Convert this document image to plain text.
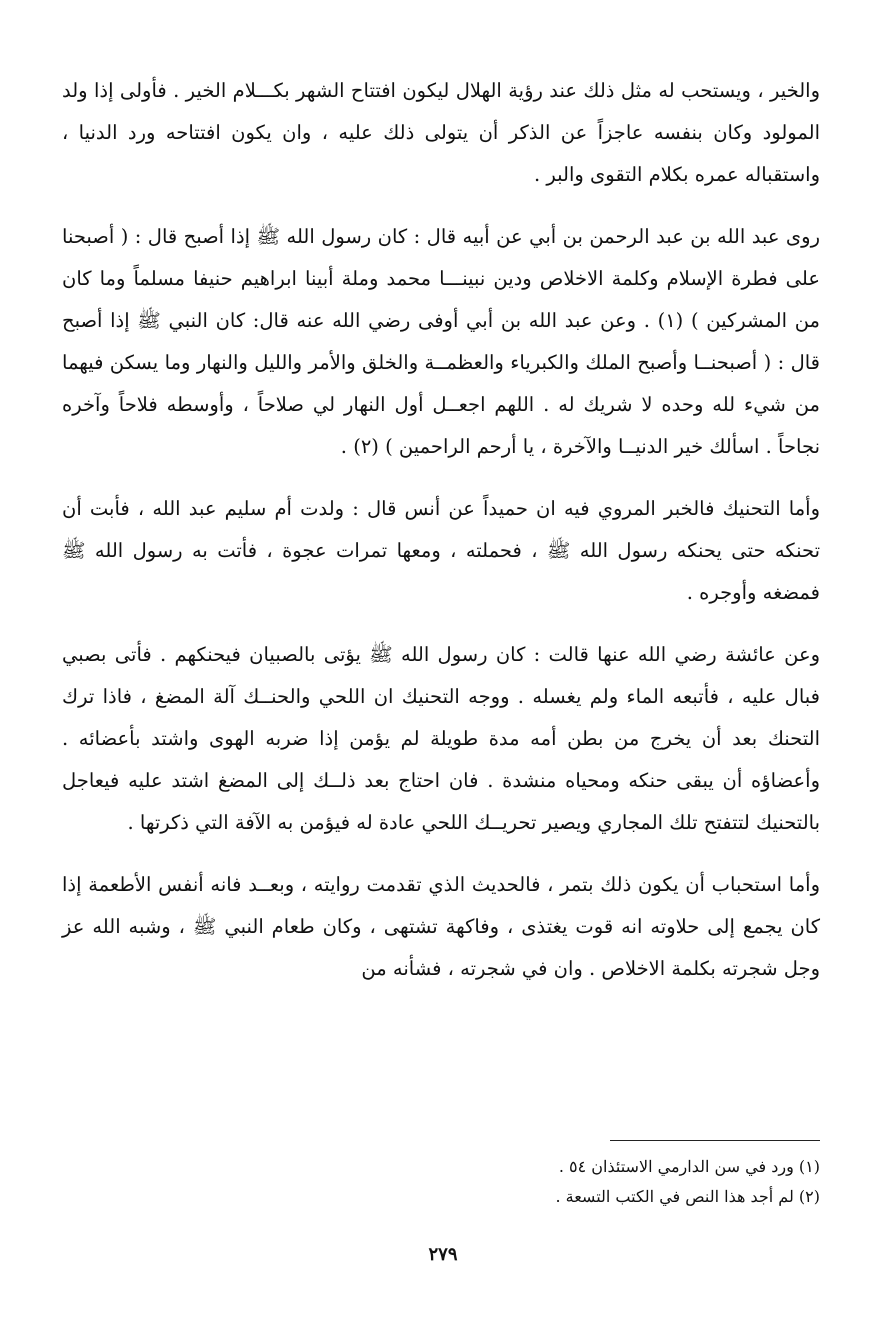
والخير ، ويستحب له مثل ذلك عند رؤية الهلال ليكون افتتاح الشهر بكـــلام الخير . فأولى إذا ولد المولود وكان بنفسه عاجزاً عن الذكر أن يتولى ذلك عليه ، وان يكون افتتاحه ورد الدنيا ، واستقباله عمره بكلام التقوى والبر .

روى عبد الله بن عبد الرحمن بن أبي عن أبيه قال : كان رسول الله ﷺ إذا أصبح قال : ( أصبحنا على فطرة الإسلام وكلمة الاخلاص ودين نبينـــا محمد وملة أبينا ابراهيم حنيفا مسلماً وما كان من المشركين ) (١) . وعن عبد الله بن أبي أوفى رضي الله عنه قال: كان النبي ﷺ إذا أصبح قال : ( أصبحنــا وأصبح الملك والكبرياء والعظمــة والخلق والأمر والليل والنهار وما يسكن فيهما من شيء لله وحده لا شريك له . اللهم اجعــل أول النهار لي صلاحاً ، وأوسطه فلاحاً وآخره نجاحاً . اسألك خير الدنيــا والآخرة ، يا أرحم الراحمين ) (٢) .

وأما التحنيك فالخبر المروي فيه ان حميداً عن أنس قال : ولدت أم سليم عبد الله ، فأبت أن تحنكه حتى يحنكه رسول الله ﷺ ، فحملته ، ومعها تمرات عجوة ، فأتت به رسول الله ﷺ فمضغه وأوجره .

وعن عائشة رضي الله عنها قالت : كان رسول الله ﷺ يؤتى بالصبيان فيحنكهم . فأتى بصبي فبال عليه ، فأتبعه الماء ولم يغسله . ووجه التحنيك ان اللحي والحنــك آلة المضغ ، فاذا ترك التحنك بعد أن يخرج من بطن أمه مدة طويلة لم يؤمن إذا ضربه الهوى واشتد بأعضائه . وأعضاؤه أن يبقى حنكه ومحياه منشدة . فان احتاج بعد ذلــك إلى المضغ اشتد عليه فيعاجل بالتحنيك لتتفتح تلك المجاري ويصير تحريــك اللحي عادة له فيؤمن به الآفة التي ذكرتها .

وأما استحباب أن يكون ذلك بتمر ، فالحديث الذي تقدمت روايته ، وبعــد فانه أنفس الأطعمة إذا كان يجمع إلى حلاوته انه قوت يغتذى ، وفاكهة تشتهى ، وكان طعام النبي ﷺ ، وشبه الله عز وجل شجرته بكلمة الاخلاص . وان في شجرته ، فشأنه من

(١) ورد في سن الدارمي الاستئذان ٥٤ .

(٢) لم أجد هذا النص في الكتب التسعة .

٢٧٩
